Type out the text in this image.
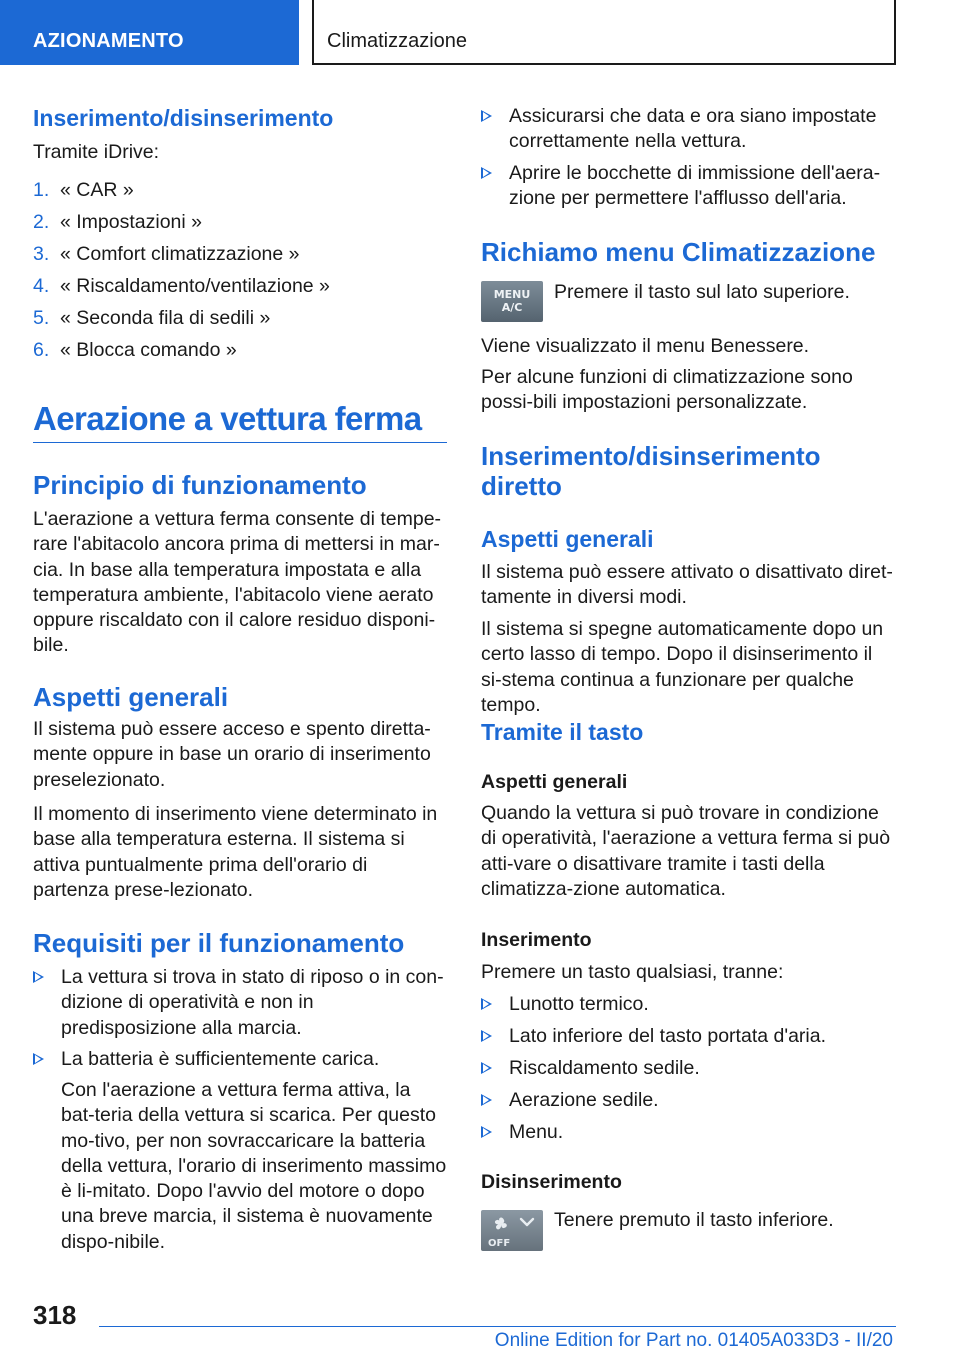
AZIONAMENTO	Climatizzazione
Inserimento/disinserimento

Tramite iDrive:

1. « CAR »
2. « Impostazioni »
3. « Comfort climatizzazione »
4. « Riscaldamento/ventilazione »
5. « Seconda fila di sedili »
6. « Blocca comando »
Aerazione a vettura ferma
Principio di funzionamento

L'aerazione a vettura ferma consente di tempe-rare l'abitacolo ancora prima di mettersi in mar-cia. In base alla temperatura impostata e alla temperatura ambiente, l'abitacolo viene aerato oppure riscaldato con il calore residuo disponi-bile.

Aspetti generali

Il sistema può essere acceso e spento diretta-mente oppure in base un orario di inserimento preselezionato.

Il momento di inserimento viene determinato in base alla temperatura esterna. Il sistema si attiva puntualmente prima dell'orario di partenza prese-lezionato.

Requisiti per il funzionamento

La vettura si trova in stato di riposo o in con-dizione di operatività e non in predisposizione alla marcia.

La batteria è sufficientemente carica.

Con l'aerazione a vettura ferma attiva, la bat-teria della vettura si scarica. Per questo mo-tivo, per non sovraccaricare la batteria della vettura, l'orario di inserimento massimo è li-mitato. Dopo l'avvio del motore o dopo una breve marcia, il sistema è nuovamente dispo-nibile.

Assicurarsi che data e ora siano impostate correttamente nella vettura.

Aprire le bocchette di immissione dell'aera-zione per permettere l'afflusso dell'aria.

Richiamo menu Climatizzazione
MENU
A/C

Premere il tasto sul lato superiore.

Viene visualizzato il menu Benessere.

Per alcune funzioni di climatizzazione sono possi-bili impostazioni personalizzate.

Inserimento/disinserimento diretto
Aspetti generali

Il sistema può essere attivato o disattivato diret-tamente in diversi modi.

Il sistema si spegne automaticamente dopo un certo lasso di tempo. Dopo il disinserimento il si-stema continua a funzionare per qualche tempo.

Tramite il tasto
Aspetti generali

Quando la vettura si può trovare in condizione di operatività, l'aerazione a vettura ferma si può atti-vare o disattivare tramite i tasti della climatizza-zione automatica.

Inserimento

Premere un tasto qualsiasi, tranne:

Lunotto termico.

Lato inferiore del tasto portata d'aria.

Riscaldamento sedile.

Aerazione sedile.

Menu.

Disinserimento
OFF

Tenere premuto il tasto inferiore.

318
Online Edition for Part no. 01405A033D3 - II/20
